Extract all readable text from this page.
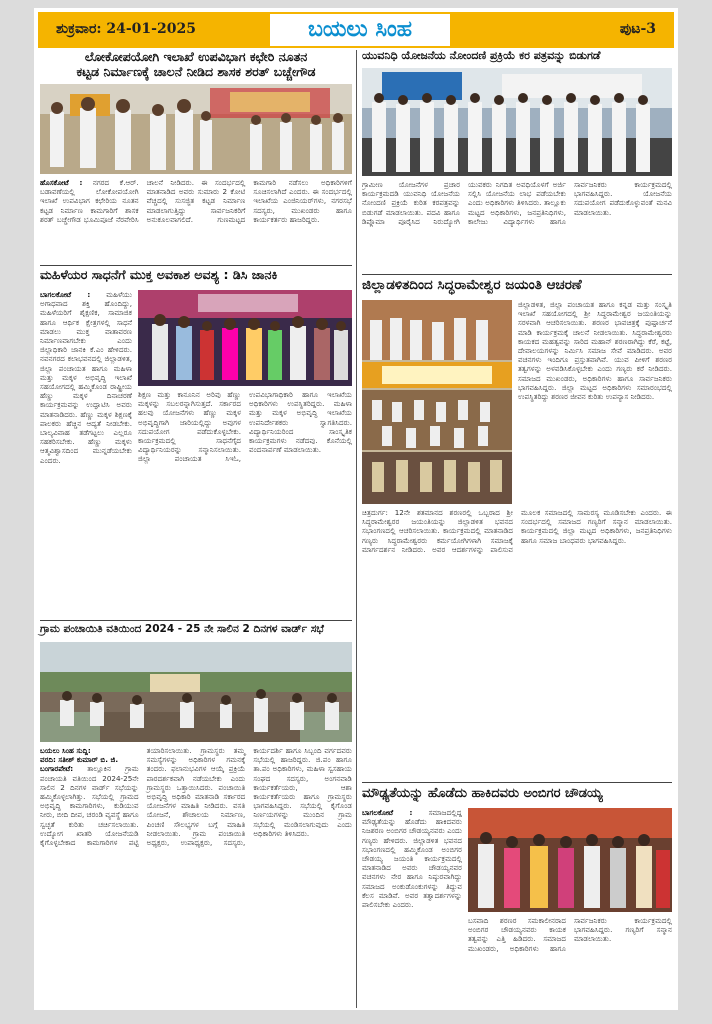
ಶುಕ್ರವಾರ: 24-01-2025	ಬಯಲು ಸಿಂಹ	ಪುಟ-3
ಲೋಕೋಪಯೋಗಿ ಇಲಾಖೆ ಉಪವಿಭಾಗ ಕಛೇರಿ ನೂತನ
ಕಟ್ಟಡ ನಿರ್ಮಾಣಕ್ಕೆ ಚಾಲನೆ ನೀಡಿದ ಶಾಸಕ ಶರತ್ ಬಚ್ಚೇಗೌಡ
ಹೊಸಕೋಟೆ : ನಗರದ ಕೆ.ಆರ್. ಬಡಾವಣೆಯಲ್ಲಿ ಲೋಕೋಪಯೋಗಿ ಇಲಾಖೆ ಉಪವಿಭಾಗ ಕಛೇರಿಯ ನೂತನ ಕಟ್ಟಡ ನಿರ್ಮಾಣ ಕಾಮಗಾರಿಗೆ ಶಾಸಕ ಶರತ್ ಬಚ್ಚೇಗೌಡ ಭೂಮಿಪೂಜೆ ನೆರವೇರಿಸಿ ಚಾಲನೆ ನೀಡಿದರು. ಈ ಸಂದರ್ಭದಲ್ಲಿ ಮಾತನಾಡಿದ ಅವರು ಸುಮಾರು 2 ಕೋಟಿ ವೆಚ್ಚದಲ್ಲಿ ಸುಸಜ್ಜಿತ ಕಟ್ಟಡ ನಿರ್ಮಾಣ ಮಾಡಲಾಗುತ್ತಿದ್ದು ಸಾರ್ವಜನಿಕರಿಗೆ ಅನುಕೂಲವಾಗಲಿದೆ. ಗುಣಮಟ್ಟದ ಕಾಮಗಾರಿ ನಡೆಸಲು ಅಧಿಕಾರಿಗಳಿಗೆ ಸೂಚಿಸಲಾಗಿದೆ ಎಂದರು. ಈ ಸಂದರ್ಭದಲ್ಲಿ ಇಲಾಖೆಯ ಎಂಜಿನಿಯರ್‌ಗಳು, ನಗರಸಭೆ ಸದಸ್ಯರು, ಮುಖಂಡರು ಹಾಗೂ ಕಾರ್ಯಕರ್ತರು ಹಾಜರಿದ್ದರು.
ಮಹಿಳೆಯರ ಸಾಧನೆಗೆ ಮುಕ್ತ ಅವಕಾಶ ಅವಶ್ಯ : ಡಿಸಿ ಜಾನಕಿ
ಬಾಗಲಕೋಟೆ : ಮಹಿಳೆಯು ಅಗಾಧವಾದ ಶಕ್ತಿ ಹೊಂದಿದ್ದು, ಮಹಿಳೆಯರಿಗೆ ಶೈಕ್ಷಣಿಕ, ಸಾಮಾಜಿಕ ಹಾಗೂ ಆರ್ಥಿಕ ಕ್ಷೇತ್ರಗಳಲ್ಲಿ ಸಾಧನೆ ಮಾಡಲು ಮುಕ್ತ ವಾತಾವರಣ ನಿರ್ಮಾಣವಾಗಬೇಕು ಎಂದು ಜಿಲ್ಲಾಧಿಕಾರಿ ಜಾನಕಿ ಕೆ.ಎಂ ಹೇಳಿದರು. ನವನಗರದ ಕಲಾಭವನದಲ್ಲಿ ಜಿಲ್ಲಾಡಳಿತ, ಜಿಲ್ಲಾ ಪಂಚಾಯತ ಹಾಗೂ ಮಹಿಳಾ ಮತ್ತು ಮಕ್ಕಳ ಅಭಿವೃದ್ಧಿ ಇಲಾಖೆ ಸಹಯೋಗದಲ್ಲಿ ಹಮ್ಮಿಕೊಂಡ ರಾಷ್ಟ್ರೀಯ ಹೆಣ್ಣು ಮಕ್ಕಳ ದಿನಾಚರಣೆ ಕಾರ್ಯಕ್ರಮವನ್ನು ಉದ್ಘಾಟಿಸಿ ಅವರು ಮಾತನಾಡಿದರು. ಹೆಣ್ಣು ಮಕ್ಕಳ ಶಿಕ್ಷಣಕ್ಕೆ ಪಾಲಕರು ಹೆಚ್ಚಿನ ಆದ್ಯತೆ ನೀಡಬೇಕು. ಬಾಲ್ಯವಿವಾಹ ತಡೆಗಟ್ಟಲು ಎಲ್ಲರೂ ಸಹಕರಿಸಬೇಕು. ಹೆಣ್ಣು ಮಕ್ಕಳು ಆತ್ಮವಿಶ್ವಾಸದಿಂದ ಮುನ್ನಡೆಯಬೇಕು ಎಂದರು.
ಶಿಕ್ಷಣ ಮತ್ತು ಕಾನೂನಿನ ಅರಿವು ಹೆಣ್ಣು ಮಕ್ಕಳನ್ನು ಸಬಲರನ್ನಾಗಿಸುತ್ತದೆ. ಸರ್ಕಾರದ ಹಲವು ಯೋಜನೆಗಳು ಹೆಣ್ಣು ಮಕ್ಕಳ ಅಭಿವೃದ್ಧಿಗಾಗಿ ಜಾರಿಯಲ್ಲಿದ್ದು ಅವುಗಳ ಸದುಪಯೋಗ ಪಡೆದುಕೊಳ್ಳಬೇಕು. ಕಾರ್ಯಕ್ರಮದಲ್ಲಿ ಸಾಧನೆಗೈದ ವಿದ್ಯಾರ್ಥಿನಿಯರನ್ನು ಸನ್ಮಾನಿಸಲಾಯಿತು. ಜಿಲ್ಲಾ ಪಂಚಾಯತ ಸಿಇಓ, ಉಪವಿಭಾಗಾಧಿಕಾರಿ ಹಾಗೂ ಇಲಾಖೆಯ ಅಧಿಕಾರಿಗಳು ಉಪಸ್ಥಿತರಿದ್ದರು. ಮಹಿಳಾ ಮತ್ತು ಮಕ್ಕಳ ಅಭಿವೃದ್ಧಿ ಇಲಾಖೆಯ ಉಪನಿರ್ದೇಶಕರು ಸ್ವಾಗತಿಸಿದರು. ವಿದ್ಯಾರ್ಥಿನಿಯರಿಂದ ಸಾಂಸ್ಕೃತಿಕ ಕಾರ್ಯಕ್ರಮಗಳು ನಡೆದವು. ಕೊನೆಯಲ್ಲಿ ವಂದನಾರ್ಪಣೆ ಮಾಡಲಾಯಿತು.
ಗ್ರಾಮ ಪಂಚಾಯಿತಿ ವತಿಯಿಂದ 2024 - 25 ನೇ ಸಾಲಿನ 2 ದಿನಗಳ ವಾರ್ಡ್ ಸಭೆ
ಬಯಲು ಸಿಂಹ ಸುದ್ದಿ:
ವರದಿ: ಸತೀಶ್ ಕುಮಾರ್ ಬಿ. ಜಿ.
ಬಂಗಾರಪೇಟೆ: ತಾಲ್ಲೂಕಿನ ಗ್ರಾಮ ಪಂಚಾಯತಿ ವತಿಯಿಂದ 2024-25ನೇ ಸಾಲಿನ 2 ದಿನಗಳ ವಾರ್ಡ್ ಸಭೆಯನ್ನು ಹಮ್ಮಿಕೊಳ್ಳಲಾಗಿತ್ತು. ಸಭೆಯಲ್ಲಿ ಗ್ರಾಮದ ಅಭಿವೃದ್ಧಿ ಕಾಮಗಾರಿಗಳು, ಕುಡಿಯುವ ನೀರು, ಬೀದಿ ದೀಪ, ಚರಂಡಿ ವ್ಯವಸ್ಥೆ ಹಾಗೂ ಸ್ವಚ್ಛತೆ ಕುರಿತು ಚರ್ಚಿಸಲಾಯಿತು. ಉದ್ಯೋಗ ಖಾತರಿ ಯೋಜನೆಯಡಿ ಕೈಗೊಳ್ಳಬೇಕಾದ ಕಾಮಗಾರಿಗಳ ಪಟ್ಟಿ ತಯಾರಿಸಲಾಯಿತು. ಗ್ರಾಮಸ್ಥರು ತಮ್ಮ ಸಮಸ್ಯೆಗಳನ್ನು ಅಧಿಕಾರಿಗಳ ಗಮನಕ್ಕೆ ತಂದರು. ಫಲಾನುಭವಿಗಳ ಆಯ್ಕೆ ಪ್ರಕ್ರಿಯೆ ಪಾರದರ್ಶಕವಾಗಿ ನಡೆಯಬೇಕು ಎಂದು ಗ್ರಾಮಸ್ಥರು ಒತ್ತಾಯಿಸಿದರು. ಪಂಚಾಯಿತಿ ಅಭಿವೃದ್ಧಿ ಅಧಿಕಾರಿ ಮಾತನಾಡಿ ಸರ್ಕಾರದ ಯೋಜನೆಗಳ ಮಾಹಿತಿ ನೀಡಿದರು. ವಸತಿ ಯೋಜನೆ, ಶೌಚಾಲಯ ನಿರ್ಮಾಣ, ಪಿಂಚಣಿ ಸೌಲಭ್ಯಗಳ ಬಗ್ಗೆ ಮಾಹಿತಿ ನೀಡಲಾಯಿತು. ಗ್ರಾಮ ಪಂಚಾಯಿತಿ ಅಧ್ಯಕ್ಷರು, ಉಪಾಧ್ಯಕ್ಷರು, ಸದಸ್ಯರು, ಕಾರ್ಯದರ್ಶಿ ಹಾಗೂ ಸಿಬ್ಬಂದಿ ವರ್ಗದವರು ಸಭೆಯಲ್ಲಿ ಹಾಜರಿದ್ದರು. ಜಿ.ಪಂ ಹಾಗೂ ತಾ.ಪಂ ಅಧಿಕಾರಿಗಳು, ಮಹಿಳಾ ಸ್ವಸಹಾಯ ಸಂಘದ ಸದಸ್ಯರು, ಅಂಗನವಾಡಿ ಕಾರ್ಯಕರ್ತೆಯರು, ಆಶಾ ಕಾರ್ಯಕರ್ತೆಯರು ಹಾಗೂ ಗ್ರಾಮಸ್ಥರು ಭಾಗವಹಿಸಿದ್ದರು. ಸಭೆಯಲ್ಲಿ ಕೈಗೊಂಡ ನಿರ್ಣಯಗಳನ್ನು ಮುಂದಿನ ಗ್ರಾಮ ಸಭೆಯಲ್ಲಿ ಮಂಡಿಸಲಾಗುವುದು ಎಂದು ಅಧಿಕಾರಿಗಳು ತಿಳಿಸಿದರು.
ಯುವನಿಧಿ ಯೋಜನೆಯ ನೋಂದಣಿ ಪ್ರಕ್ರಿಯೆ ಕರ ಪತ್ರವನ್ನು ಬಿಡುಗಡೆ
ಗ್ರಾಮೀಣ ಯೋಜನೆಗಳ ಪ್ರಚಾರ ಕಾರ್ಯಕ್ರಮದಡಿ ಯುವನಿಧಿ ಯೋಜನೆಯ ನೋಂದಣಿ ಪ್ರಕ್ರಿಯೆ ಕುರಿತ ಕರಪತ್ರವನ್ನು ಬಿಡುಗಡೆ ಮಾಡಲಾಯಿತು. ಪದವಿ ಹಾಗೂ ಡಿಪ್ಲೊಮಾ ಪೂರೈಸಿದ ನಿರುದ್ಯೋಗಿ ಯುವಕರು ನಿಗದಿತ ಅವಧಿಯೊಳಗೆ ಅರ್ಜಿ ಸಲ್ಲಿಸಿ ಯೋಜನೆಯ ಲಾಭ ಪಡೆಯಬೇಕು ಎಂದು ಅಧಿಕಾರಿಗಳು ತಿಳಿಸಿದರು. ತಾಲ್ಲೂಕು ಮಟ್ಟದ ಅಧಿಕಾರಿಗಳು, ಜನಪ್ರತಿನಿಧಿಗಳು, ಕಾಲೇಜು ವಿದ್ಯಾರ್ಥಿಗಳು ಹಾಗೂ ಸಾರ್ವಜನಿಕರು ಕಾರ್ಯಕ್ರಮದಲ್ಲಿ ಭಾಗವಹಿಸಿದ್ದರು. ಯೋಜನೆಯ ಸದುಪಯೋಗ ಪಡೆದುಕೊಳ್ಳುವಂತೆ ಮನವಿ ಮಾಡಲಾಯಿತು.
ಜಿಲ್ಲಾಡಳಿತದಿಂದ ಸಿದ್ಧರಾಮೇಶ್ವರ ಜಯಂತಿ ಆಚರಣೆ
ಜಿಲ್ಲಾಡಳಿತ, ಜಿಲ್ಲಾ ಪಂಚಾಯತ ಹಾಗೂ ಕನ್ನಡ ಮತ್ತು ಸಂಸ್ಕೃತಿ ಇಲಾಖೆ ಸಹಯೋಗದಲ್ಲಿ ಶ್ರೀ ಸಿದ್ಧರಾಮೇಶ್ವರ ಜಯಂತಿಯನ್ನು ಸರಳವಾಗಿ ಆಚರಿಸಲಾಯಿತು. ಶರಣರ ಭಾವಚಿತ್ರಕ್ಕೆ ಪುಷ್ಪಾರ್ಚನೆ ಮಾಡಿ ಕಾರ್ಯಕ್ರಮಕ್ಕೆ ಚಾಲನೆ ನೀಡಲಾಯಿತು. ಸಿದ್ಧರಾಮೇಶ್ವರರು ಕಾಯಕದ ಮಹತ್ವವನ್ನು ಸಾರಿದ ಮಹಾನ್ ಶರಣರಾಗಿದ್ದು ಕೆರೆ, ಕಟ್ಟೆ, ದೇವಾಲಯಗಳನ್ನು ನಿರ್ಮಿಸಿ ಸಮಾಜ ಸೇವೆ ಮಾಡಿದರು. ಅವರ ವಚನಗಳು ಇಂದಿಗೂ ಪ್ರಸ್ತುತವಾಗಿವೆ. ಯುವ ಪೀಳಿಗೆ ಶರಣರ ತತ್ವಗಳನ್ನು ಅಳವಡಿಸಿಕೊಳ್ಳಬೇಕು ಎಂದು ಗಣ್ಯರು ಕರೆ ನೀಡಿದರು. ಸಮಾಜದ ಮುಖಂಡರು, ಅಧಿಕಾರಿಗಳು ಹಾಗೂ ಸಾರ್ವಜನಿಕರು ಭಾಗವಹಿಸಿದ್ದರು. ಜಿಲ್ಲಾ ಮಟ್ಟದ ಅಧಿಕಾರಿಗಳು ಸಮಾರಂಭದಲ್ಲಿ ಉಪಸ್ಥಿತರಿದ್ದು ಶರಣರ ಜೀವನ ಕುರಿತು ಉಪನ್ಯಾಸ ನೀಡಿದರು.
ಚಿತ್ರದುರ್ಗ: 12ನೇ ಶತಮಾನದ ಶರಣರಲ್ಲಿ ಒಬ್ಬರಾದ ಶ್ರೀ ಸಿದ್ಧರಾಮೇಶ್ವರರ ಜಯಂತಿಯನ್ನು ಜಿಲ್ಲಾಡಳಿತ ಭವನದ ಸಭಾಂಗಣದಲ್ಲಿ ಆಚರಿಸಲಾಯಿತು. ಕಾರ್ಯಕ್ರಮದಲ್ಲಿ ಮಾತನಾಡಿದ ಗಣ್ಯರು ಸಿದ್ಧರಾಮೇಶ್ವರರು ಕರ್ಮಯೋಗಿಗಳಾಗಿ ಸಮಾಜಕ್ಕೆ ಮಾರ್ಗದರ್ಶನ ನೀಡಿದರು. ಅವರ ಆದರ್ಶಗಳನ್ನು ಪಾಲಿಸುವ ಮೂಲಕ ಸಮಾಜದಲ್ಲಿ ಸಾಮರಸ್ಯ ಮೂಡಿಸಬೇಕು ಎಂದರು. ಈ ಸಂದರ್ಭದಲ್ಲಿ ಸಮಾಜದ ಗಣ್ಯರಿಗೆ ಸನ್ಮಾನ ಮಾಡಲಾಯಿತು. ಕಾರ್ಯಕ್ರಮದಲ್ಲಿ ಜಿಲ್ಲಾ ಮಟ್ಟದ ಅಧಿಕಾರಿಗಳು, ಜನಪ್ರತಿನಿಧಿಗಳು ಹಾಗೂ ಸಮಾಜ ಬಾಂಧವರು ಭಾಗವಹಿಸಿದ್ದರು.
ಮೌಢ್ಯತೆಯನ್ನು ಹೊಡೆದು ಹಾಕಿದವರು ಅಂಬಿಗರ ಚೌಡಯ್ಯ
ಬಾಗಲಕೋಟೆ : ಸಮಾಜದಲ್ಲಿದ್ದ ಮೌಢ್ಯತೆಯನ್ನು ಹೊಡೆದು ಹಾಕಿದವರು ನಿಜಶರಣ ಅಂಬಿಗರ ಚೌಡಯ್ಯನವರು ಎಂದು ಗಣ್ಯರು ಹೇಳಿದರು. ಜಿಲ್ಲಾಡಳಿತ ಭವನದ ಸಭಾಂಗಣದಲ್ಲಿ ಹಮ್ಮಿಕೊಂಡ ಅಂಬಿಗರ ಚೌಡಯ್ಯ ಜಯಂತಿ ಕಾರ್ಯಕ್ರಮದಲ್ಲಿ ಮಾತನಾಡಿದ ಅವರು ಚೌಡಯ್ಯನವರ ವಚನಗಳು ನೇರ ಹಾಗೂ ನಿಷ್ಠುರವಾಗಿದ್ದು ಸಮಾಜದ ಅಂಕುಡೊಂಕುಗಳನ್ನು ತಿದ್ದುವ ಕೆಲಸ ಮಾಡಿವೆ. ಅವರ ತತ್ವಾದರ್ಶಗಳನ್ನು ಪಾಲಿಸಬೇಕು ಎಂದರು.
ಬಸವಾದಿ ಶರಣರ ಸಮಕಾಲೀನರಾದ ಅಂಬಿಗರ ಚೌಡಯ್ಯನವರು ಕಾಯಕ ತತ್ವವನ್ನು ಎತ್ತಿ ಹಿಡಿದರು. ಸಮಾಜದ ಮುಖಂಡರು, ಅಧಿಕಾರಿಗಳು ಹಾಗೂ ಸಾರ್ವಜನಿಕರು ಕಾರ್ಯಕ್ರಮದಲ್ಲಿ ಭಾಗವಹಿಸಿದ್ದರು. ಗಣ್ಯರಿಗೆ ಸನ್ಮಾನ ಮಾಡಲಾಯಿತು.
